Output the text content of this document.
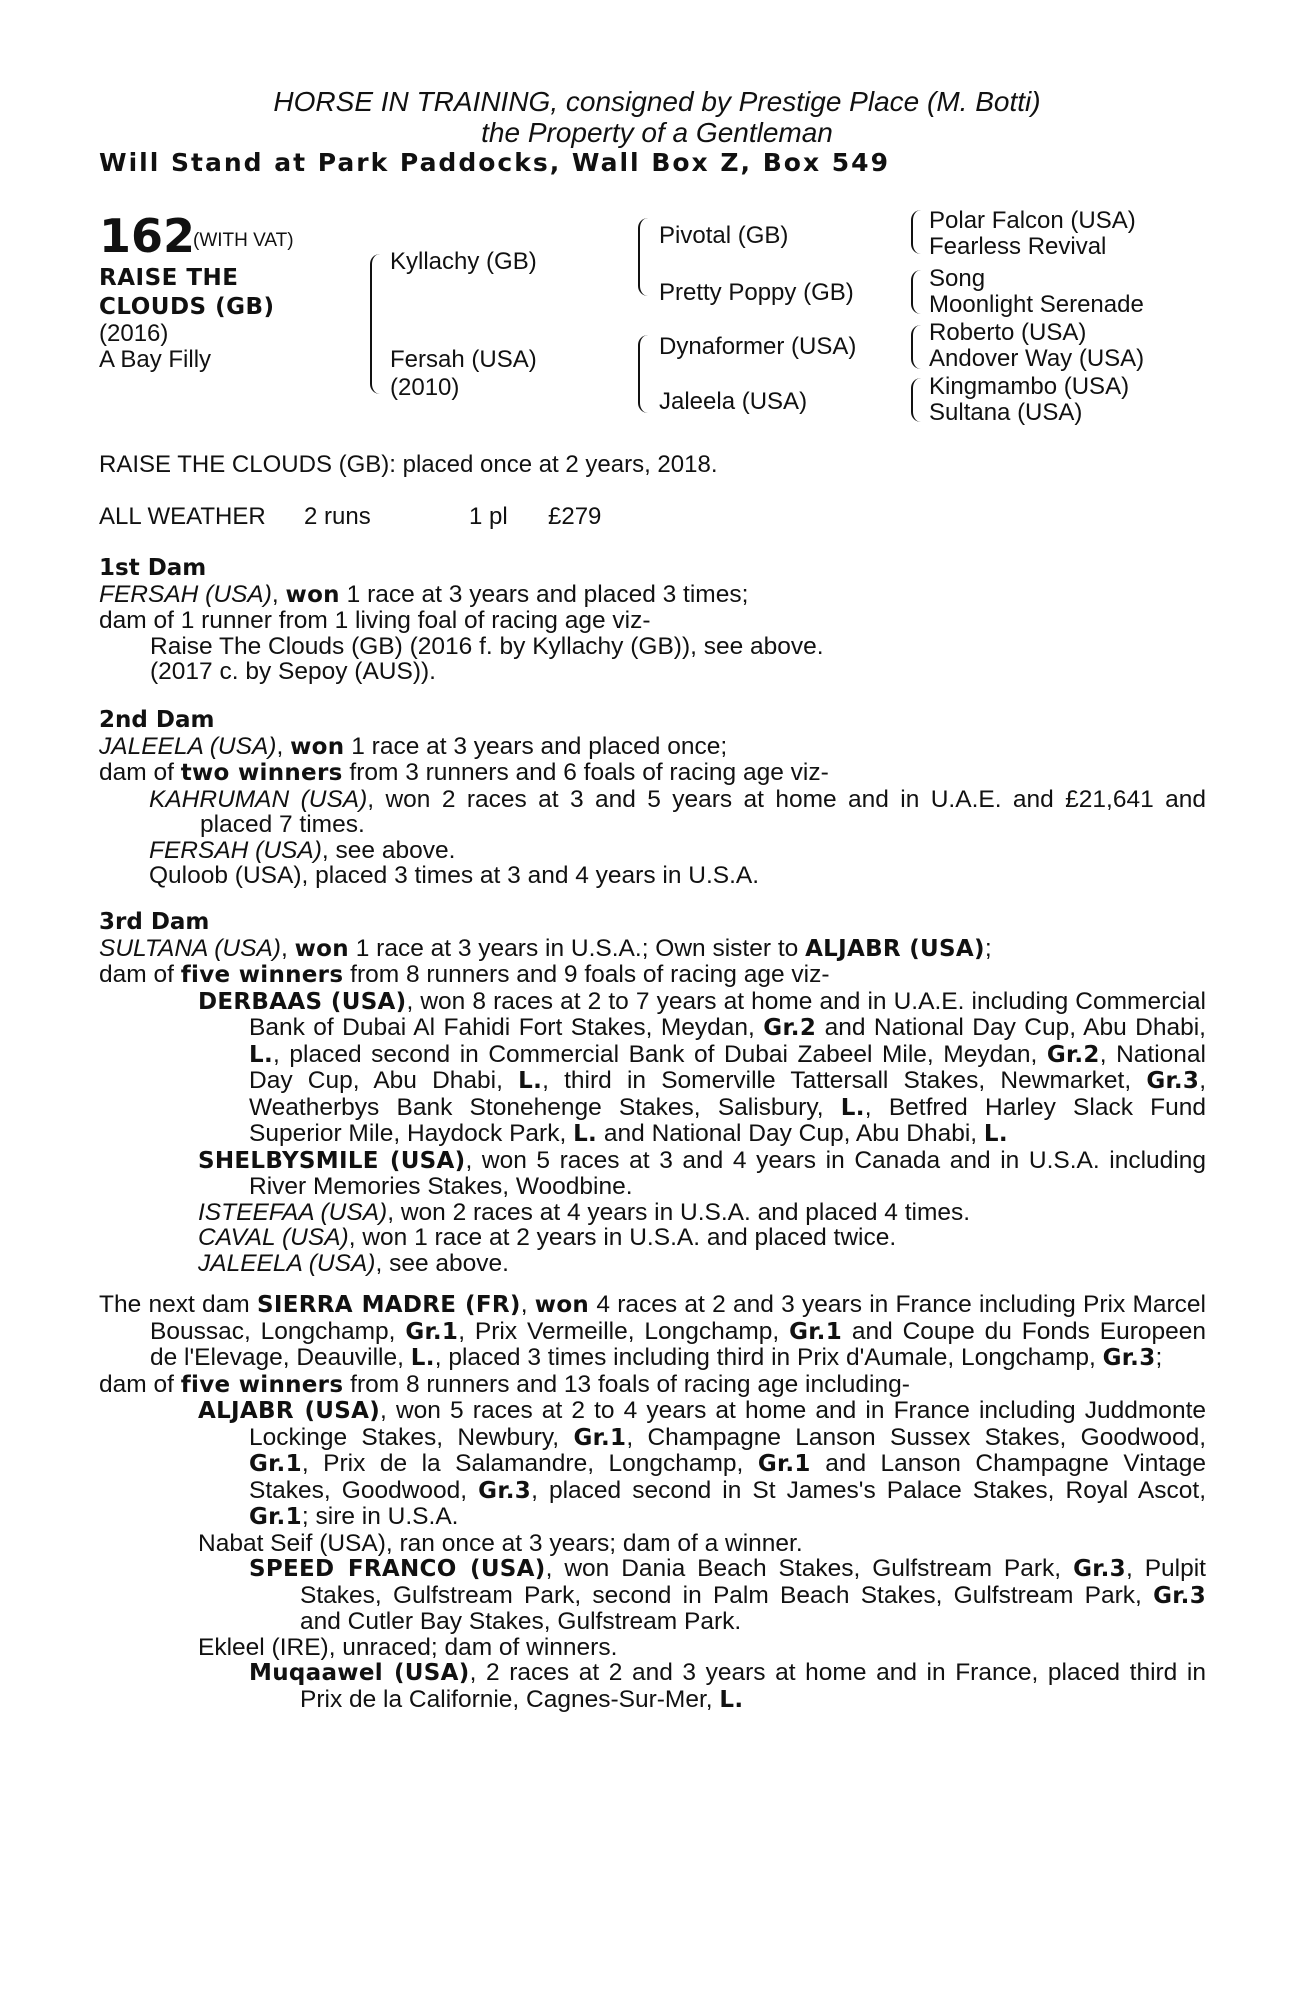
HORSE IN TRAINING, consigned by Prestige Place (M. Botti)
the Property of a Gentleman
Will Stand at Park Paddocks, Wall Box Z, Box 549
162
(WITH VAT)
RAISE THE
CLOUDS (GB)
(2016)
A Bay Filly
Kyllachy (GB)
Fersah (USA)
(2010)
Pivotal (GB)
Pretty Poppy (GB)
Dynaformer (USA)
Jaleela (USA)
Polar Falcon (USA)
Fearless Revival
Song
Moonlight Serenade
Roberto (USA)
Andover Way (USA)
Kingmambo (USA)
Sultana (USA)
RAISE THE CLOUDS (GB): placed once at 2 years, 2018.
ALL WEATHER 2 runs	1 pl £279
1st Dam
FERSAH (USA), won 1 race at 3 years and placed 3 times;
dam of 1 runner from 1 living foal of racing age viz-
Raise The Clouds (GB) (2016 f. by Kyllachy (GB)), see above.
(2017 c. by Sepoy (AUS)).
2nd Dam
JALEELA (USA), won 1 race at 3 years and placed once;
dam of two winners from 3 runners and 6 foals of racing age viz-
KAHRUMAN (USA), won 2 races at 3 and 5 years at home and in U.A.E. and £21,641 and placed 7 times.
FERSAH (USA), see above.
Quloob (USA), placed 3 times at 3 and 4 years in U.S.A.
3rd Dam
SULTANA (USA), won 1 race at 3 years in U.S.A.; Own sister to ALJABR (USA);
dam of five winners from 8 runners and 9 foals of racing age viz-
DERBAAS (USA), won 8 races at 2 to 7 years at home and in U.A.E. including Commercial Bank of Dubai Al Fahidi Fort Stakes, Meydan, Gr.2 and National Day Cup, Abu Dhabi, L., placed second in Commercial Bank of Dubai Zabeel Mile, Meydan, Gr.2, National Day Cup, Abu Dhabi, L., third in Somerville Tattersall Stakes, Newmarket, Gr.3, Weatherbys Bank Stonehenge Stakes, Salisbury, L., Betfred Harley Slack Fund Superior Mile, Haydock Park, L. and National Day Cup, Abu Dhabi, L.
SHELBYSMILE (USA), won 5 races at 3 and 4 years in Canada and in U.S.A. including River Memories Stakes, Woodbine.
ISTEEFAA (USA), won 2 races at 4 years in U.S.A. and placed 4 times.
CAVAL (USA), won 1 race at 2 years in U.S.A. and placed twice.
JALEELA (USA), see above.
The next dam SIERRA MADRE (FR), won 4 races at 2 and 3 years in France including Prix Marcel Boussac, Longchamp, Gr.1, Prix Vermeille, Longchamp, Gr.1 and Coupe du Fonds Europeen de l'Elevage, Deauville, L., placed 3 times including third in Prix d'Aumale, Longchamp, Gr.3;
dam of five winners from 8 runners and 13 foals of racing age including-
ALJABR (USA), won 5 races at 2 to 4 years at home and in France including Juddmonte Lockinge Stakes, Newbury, Gr.1, Champagne Lanson Sussex Stakes, Goodwood, Gr.1, Prix de la Salamandre, Longchamp, Gr.1 and Lanson Champagne Vintage Stakes, Goodwood, Gr.3, placed second in St James's Palace Stakes, Royal Ascot, Gr.1; sire in U.S.A.
Nabat Seif (USA), ran once at 3 years; dam of a winner.
SPEED FRANCO (USA), won Dania Beach Stakes, Gulfstream Park, Gr.3, Pulpit Stakes, Gulfstream Park, second in Palm Beach Stakes, Gulfstream Park, Gr.3 and Cutler Bay Stakes, Gulfstream Park.
Ekleel (IRE), unraced; dam of winners.
Muqaawel (USA), 2 races at 2 and 3 years at home and in France, placed third in Prix de la Californie, Cagnes-Sur-Mer, L.
